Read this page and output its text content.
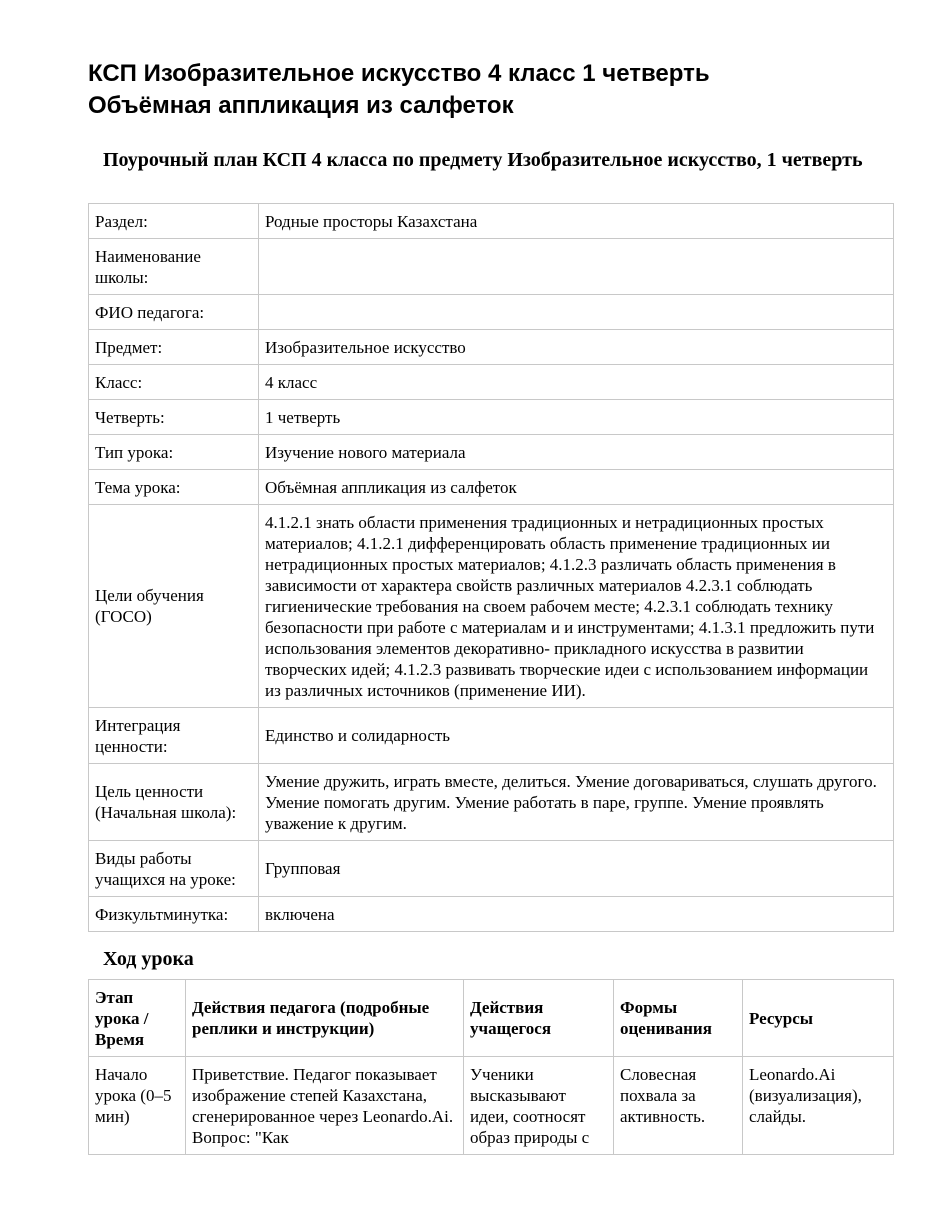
КСП Изобразительное искусство 4 класс 1 четверть
Объёмная аппликация из салфеток
Поурочный план КСП 4 класса по предмету Изобразительное искусство, 1 четверть
Раздел:	Родные просторы Казахстана
Наименование школы:	
ФИО педагога:	
Предмет:	Изобразительное искусство
Класс:	4 класс
Четверть:	1 четверть
Тип урока:	Изучение нового материала
Тема урока:	Объёмная аппликация из салфеток
Цели обучения (ГОСО)	4.1.2.1 знать области применения традиционных и нетрадиционных простых материалов; 4.1.2.1 дифференцировать область применение традиционных ии нетрадиционных простых материалов; 4.1.2.3 различать область применения в зависимости от характера свойств различных материалов 4.2.3.1 соблюдать гигиенические требования на своем рабочем месте; 4.2.3.1 соблюдать технику безопасности при работе с материалам и и инструментами; 4.1.3.1 предложить пути использования элементов декоративно- прикладного искусства в развитии творческих идей; 4.1.2.3 развивать творческие идеи с использованием информации из различных источников (применение ИИ).
Интеграция ценности:	Единство и солидарность
Цель ценности (Начальная школа):	Умение дружить, играть вместе, делиться. Умение договариваться, слушать другого. Умение помогать другим. Умение работать в паре, группе. Умение проявлять уважение к другим.
Виды работы учащихся на уроке:	Групповая
Физкультминутка:	включена
Ход урока
Этап урока / Время	Действия педагога (подробные реплики и инструкции)	Действия учащегося	Формы оценивания	Ресурсы
Начало урока (0–5 мин)	Приветствие. Педагог показывает изображение степей Казахстана, сгенерированное через Leonardo.Ai. Вопрос: "Как	Ученики высказывают идеи, соотносят образ природы с	Словесная похвала за активность.	Leonardo.Ai (визуализация), слайды.
